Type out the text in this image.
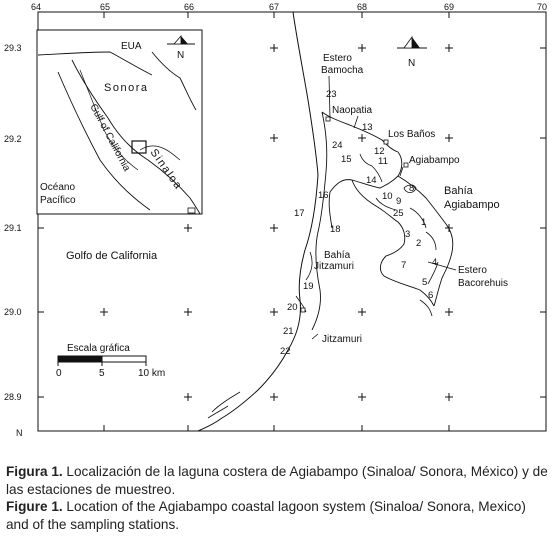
64	65	66	67	68	69	70
29.3
29.2
29.1
29.0
28.9
N
EUA
Sonora
Gulf of California Sinaloa
Océano
Pacífico
N
N
Escala gráfica
0	5	10 km
Golfo de California
Estero
Bamocha
Naopatia
Los Baños
Agiabampo
Bahía
Agiabampo
Bahía
Jitzamuri	Estero
Bacorehuis
Jitzamuri
1
2
3
4
5
6
7
8
9
10
11
12
13
14
15
16
17
18
19
20
21
22
23
24
25

Figura 1. Localización de la laguna costera de Agiabampo (Sinaloa/ Sonora, México) y de las estaciones de muestreo.

Figure 1. Location of the Agiabampo coastal lagoon system (Sinaloa/ Sonora, Mexico) and of the sampling stations.
